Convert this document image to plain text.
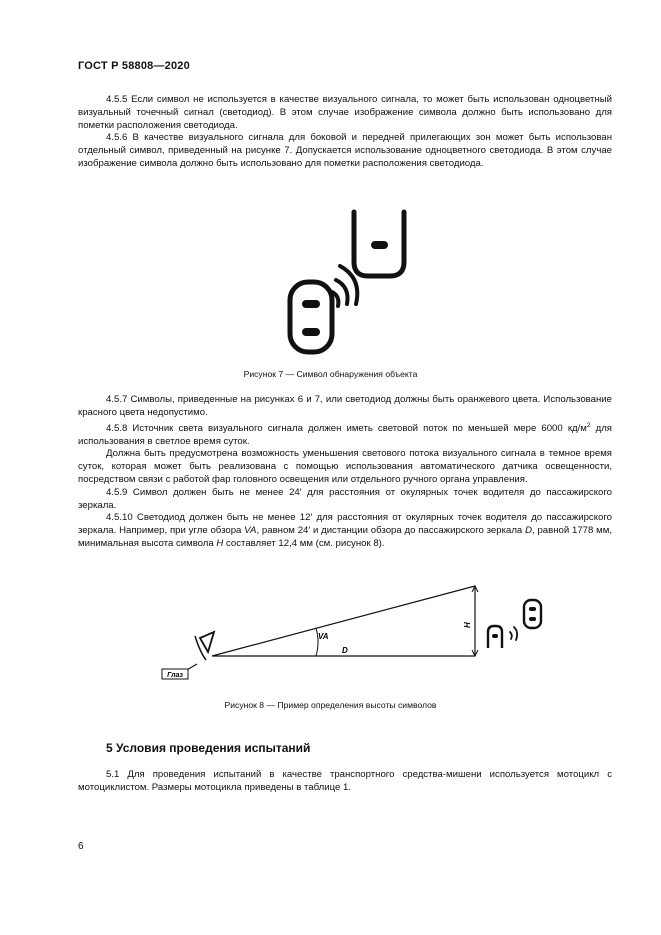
ГОСТ Р 58808—2020

4.5.5 Если символ не используется в качестве визуального сигнала, то может быть использован одноцветный визуальный точечный сигнал (светодиод). В этом случае изображение символа должно быть использовано для пометки расположения светодиода.

4.5.6 В качестве визуального сигнала для боковой и передней прилегающих зон может быть использован отдельный символ, приведенный на рисунке 7. Допускается использование одноцветного светодиода. В этом случае изображение символа должно быть использовано для пометки расположения светодиода.

Рисунок 7 — Символ обнаружения объекта

4.5.7 Символы, приведенные на рисунках 6 и 7, или светодиод должны быть оранжевого цвета. Использование красного цвета недопустимо.

4.5.8 Источник света визуального сигнала должен иметь световой поток по меньшей мере 6000 $кд/м^2$ для использования в светлое время суток.

Должна быть предусмотрена возможность уменьшения светового потока визуального сигнала в темное время суток, которая может быть реализована с помощью использования автоматического датчика освещенности, посредством связи с работой фар головного освещения или отдельного ручного органа управления.

4.5.9 Символ должен быть не менее 24′ для расстояния от окулярных точек водителя до пассажирского зеркала.

4.5.10 Светодиод должен быть не менее 12′ для расстояния от окулярных точек водителя до пассажирского зеркала. Например, при угле обзора VA, равном 24′ и дистанции обзора до пассажирского зеркала D, равной 1778 мм, минимальная высота символа H составляет 12,4 мм (см. рисунок 8).

Глаз
H
VA
D
Рисунок 8 — Пример определения высоты символов
5 Условия проведения испытаний

5.1 Для проведения испытаний в качестве транспортного средства-мишени используется мотоцикл с мотоциклистом. Размеры мотоцикла приведены в таблице 1.

6
